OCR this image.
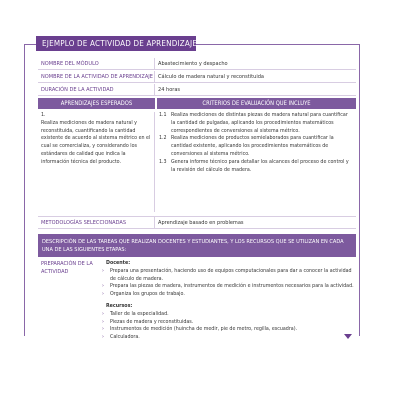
EJEMPLO DE ACTIVIDAD DE APRENDIZAJE
NOMBRE DEL MÓDULO	Abastecimiento y despacho
NOMBRE DE LA ACTIVIDAD DE APRENDIZAJE Cálculo de madera natural y reconstituida
DURACIÓN DE LA ACTIVIDAD	24 horas
APRENDIZAJES ESPERADOS	CRITERIOS DE EVALUACIÓN QUE INCLUYE
1.
Realiza mediciones de madera natural y reconstituida, cuantificando la cantidad existente de acuerdo al sistema métrico en el cual se comercializa, y considerando los estándares de calidad que indica la información técnica del producto.

1.1 Realiza mediciones de distintas piezas de madera natural para cuantificar la cantidad de pulgadas, aplicando los procedimientos matemáticos correspondientes de conversiones al sistema métrico.

1.2 Realiza mediciones de productos semielaborados para cuantificar la cantidad existente, aplicando los procedimientos matemáticos de conversiones al sistema métrico.

1.3 Genera informe técnico para detallar los alcances del proceso de control y la revisión del cálculo de madera.

METODOLOGÍAS SELECCIONADAS	Aprendizaje basado en problemas
DESCRIPCIÓN DE LAS TAREAS QUE REALIZAN DOCENTES Y ESTUDIANTES, Y LOS RECURSOS QUE SE UTILIZAN EN CADA UNA DE LAS SIGUIENTES ETAPAS:
PREPARACIÓN DE LA ACTIVIDAD
Docente:
›	Prepara una presentación, haciendo uso de equipos computacionales para dar a conocer la actividad de cálculo de madera.
›	Prepara las piezas de madera, instrumentos de medición e instrumentos necesarios para la actividad.
›	Organiza los grupos de trabajo.
Recursos:
›	Taller de la especialidad.
›	Piezas de madera y reconstituidas.
›	Instrumentos de medición (huincha de medir, pie de metro, regilla, escuadra).
›	Calculadora.
